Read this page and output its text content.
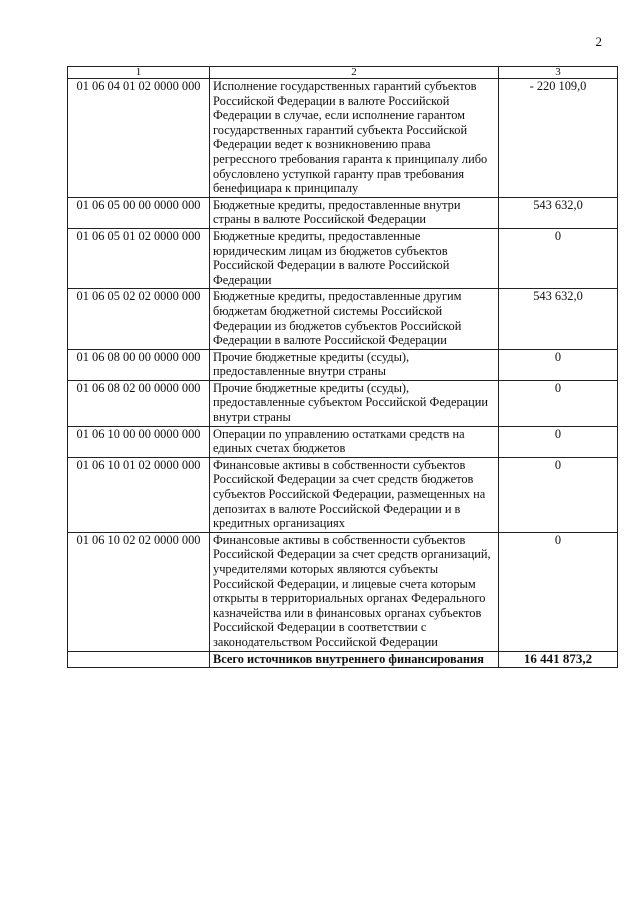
2
1	2	3
01 06 04 01 02 0000 000	Исполнение государственных гарантий субъектов Российской Федерации в валюте Российской Федерации в случае, если исполнение гарантом государственных гарантий субъекта Российской Федерации ведет к возникновению права регрессного требования гаранта к принципалу либо обусловлено уступкой гаранту прав требования бенефициара к принципалу	- 220 109,0
01 06 05 00 00 0000 000	Бюджетные кредиты, предоставленные внутри страны в валюте Российской Федерации	543 632,0
01 06 05 01 02 0000 000	Бюджетные кредиты, предоставленные юридическим лицам из бюджетов субъектов Российской Федерации в валюте Российской Федерации	0
01 06 05 02 02 0000 000	Бюджетные кредиты, предоставленные другим бюджетам бюджетной системы Российской Федерации из бюджетов субъектов Российской Федерации в валюте Российской Федерации	543 632,0
01 06 08 00 00 0000 000	Прочие бюджетные кредиты (ссуды), предоставленные внутри страны	0
01 06 08 02 00 0000 000	Прочие бюджетные кредиты (ссуды), предоставленные субъектом Российской Федерации внутри страны	0
01 06 10 00 00 0000 000	Операции по управлению остатками средств на единых счетах бюджетов	0
01 06 10 01 02 0000 000	Финансовые активы в собственности субъектов Российской Федерации за счет средств бюджетов субъектов Российской Федерации, размещенных на депозитах в валюте Российской Федерации и в кредитных организациях	0
01 06 10 02 02 0000 000	Финансовые активы в собственности субъектов Российской Федерации за счет средств организаций, учредителями которых являются субъекты Российской Федерации, и лицевые счета которым открыты в территориальных органах Федерального казначейства или в финансовых органах субъектов Российской Федерации в соответствии с законодательством Российской Федерации	0
	Всего источников внутреннего финансирования	16 441 873,2
